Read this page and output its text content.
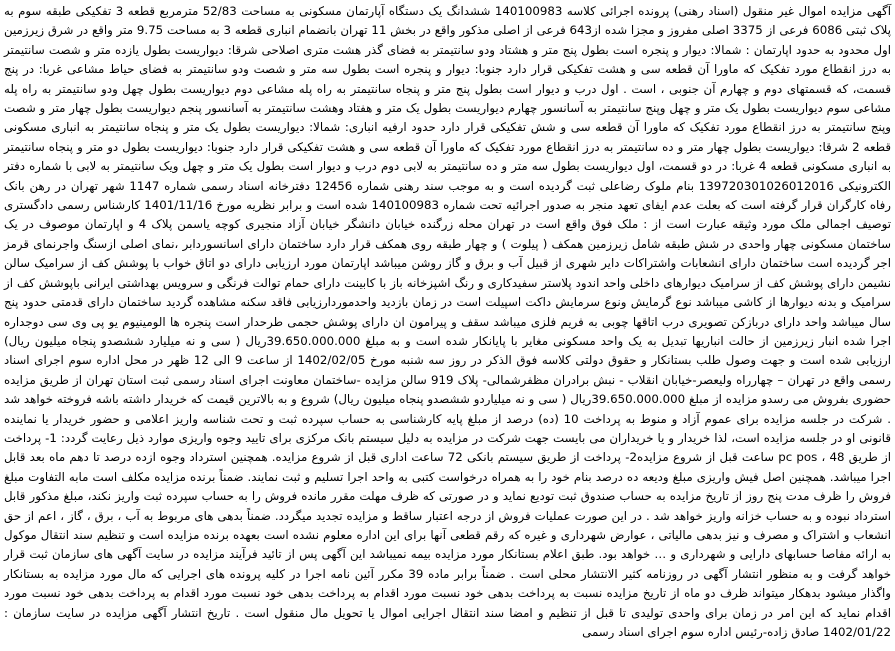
آگهی مزایده اموال غیر منقول (اسناد رهنی) پرونده اجرائی کلاسه 140100983 ششدانگ یک دستگاه آپارتمان مسکونی به مساحت 52/83 مترمربع قطعه 3 تفکیکی طبقه سوم به پلاک ثبتی 6086 فرعی از 3375 اصلی مفروز و مجزا شده از643 فرعی از اصلی مذکور واقع در بخش 11 تهران بانضمام انباری قطعه 3 به مساحت 9.75 متر واقع در شرق زیرزمین اول محدود به حدود اپارتمان : شمالا: دیوار و پنجره است بطول پنج متر و هشتاد ودو سانتیمتر به فضای گذر هشت متری اصلاحی شرقا: دیواریست بطول یازده متر و شصت سانتیمتر به درز انقطاع مورد تفکیک که ماورا آن قطعه سی و هشت تفکیکی قرار دارد جنوبا: دیوار و پنجره است بطول سه متر و شصت ودو سانتیمتر به فضای حیاط مشاعی غربا: در پنج قسمت، که قسمتهای دوم و چهارم آن جنوبی ، است . اول درب و دیوار است بطول پنج متر و پنجاه سانتیمتر به راه پله مشاعی دوم دیواریست بطول چهل ودو سانتیمتر به راه پله مشاعی سوم دیواریست بطول یک متر و چهل وپنج سانتیمتر به آسانسور چهارم دیواریست بطول یک متر و هفتاد وهشت سانتیمتر به آسانسور پنجم دیواریست بطول چهار متر و شصت وپنج سانتیمتر به درز انقطاع مورد تفکیک که ماورا آن قطعه سی و شش تفکیکی قرار دارد حدود ارفیه انباری: شمالا: دیواریست بطول یک متر و پنجاه سانتیمتر به انباری مسکونی قطعه 2 شرقا: دیواریست بطول چهار متر و ده سانتیمتر به درز انقطاع مورد تفکیک که ماورا آن قطعه سی و هشت تفکیکی قرار دارد جنوبا: دیواریست بطول دو متر و پنجاه سانتیمتر به انباری مسکونی قطعه 4 غربا: در دو قسمت، اول دیواریست بطول سه متر و ده سانتیمتر به لابی دوم درب و دیوار است بطول یک متر و چهل ویک سانتیمتر به لابی با شماره دفتر الکترونیکی 139720301026012016 بنام ملوک رضاعلی ثبت گردیده است و به موجب سند رهنی شماره 12456 دفترخانه اسناد رسمی شماره 1147 شهر تهران در رهن بانک رفاه کارگران قرار گرفته است که بعلت عدم ایفای تعهد منجر به صدور اجرائیه تحت شماره 140100983 شده است و برابر نظریه مورخ 1401/11/16 کارشناس رسمی دادگستری توصیف اجمالی ملک مورد وثیقه عبارت است از : ملک فوق واقع است در تهران محله زرگنده خیابان دانشگر خیابان آزاد منجیری کوچه یاسمن پلاک 4 و اپارتمان موصوف در یک ساختمان مسکونی چهار واحدی در شش طبقه شامل زیرزمین همکف ( پیلوت ) و چهار طبقه روی همکف قرار دارد ساختمان دارای اسانسوردابر ،نمای اصلی ازسنگ واجرنمای قرمز اجر گردیده است ساختمان دارای انشعابات واشتراکات دایر شهری از قبیل آب و برق و گاز روشن میباشد اپارتمان مورد ارزیابی دارای دو اتاق خواب با پوشش کف از سرامیک سالن نشیمن دارای پوشش کف از سرامیک دیوارهای داخلی واحد اندود پلاستر سفیدکاری و رنگ اشپزخانه باز با کابینت دارای حمام توالت فرنگی و سرویس بهداشتی ایرانی باپوشش کف از سرامیک و بدنه دیوارها از کاشی میباشد نوع گرمایش ونوع سرمایش داکت اسپیلت است در زمان بازدید واحدموردارزیابی فاقد سکنه مشاهده گردید ساختمان دارای قدمتی حدود پنج سال میباشد واحد دارای دربازکن تصویری درب اتاقها چوبی به فریم فلزی میباشد سقف و پیرامون ان دارای پوشش حجمی طرحدار است پنجره ها الومینیوم یو پی وی سی دوجداره اجرا شده انبار زیرزمین از حالت انباریها تبدیل به یک واحد مسکونی مغایر با پایانکار شده است و به مبلغ 39.650.000.000ریال ( سی و نه میلیارد ششصدو پنجاه میلیون ریال) ارزیابی شده است و جهت وصول طلب بستانکار و حقوق دولتی کلاسه فوق الذکر در روز سه شنبه مورخ 1402/02/05 از ساعت 9 الی 12 ظهر در محل اداره سوم اجرای اسناد رسمی واقع در تهران – چهارراه ولیعصر-خیابان انقلاب - نبش برادران مظفرشمالی- پلاک 919 سالن مزایده -ساختمان معاونت اجرای اسناد رسمی ثبت استان تهران از طریق مزایده حضوری بفروش می رسدو مزایده از مبلغ 39.650.000.000ریال ( سی و نه میلیاردو ششصدو پنجاه میلیون ریال) شروع و به بالاترین قیمت که خریدار داشته باشه فروخته خواهد شد . شرکت در جلسه مزایده برای عموم آزاد و منوط به پرداخت 10 (ده) درصد از مبلغ پایه کارشناسی به حساب سپرده ثبت و تحت شناسه واریز اعلامی و حضور خریدار یا نماینده قانونی او در جلسه مزایده است، لذا خریدار و یا خریداران می بایست جهت شرکت در مزایده به دلیل سیستم بانک مرکزی برای تایید وجوه واریزی موارد ذیل رعایت گردد: 1- پرداخت از طریق pc pos ، 48 ساعت قبل از شروع مزایده2- پرداخت از طریق سیستم بانکی 72 ساعت اداری قبل از شروع مزایده. همچنین استرداد وجوه ازده درصد تا دهم ماه بعد قابل اجرا میباشد. همچنین اصل فیش واریزی مبلغ ودیعه ده درصد بنام خود را به همراه درخواست کتبی به واحد اجرا تسلیم و ثبت نمایند. ضمناً برنده مزایده مکلف است مابه التفاوت مبلغ فروش را ظرف مدت پنج روز از تاریخ مزایده به حساب صندوق ثبت تودیع نماید و در صورتی که ظرف مهلت مقرر مانده فروش را به حساب سپرده ثبت واریز نکند، مبلغ مذکور قابل استرداد نبوده و به حساب خزانه واریز خواهد شد . در این صورت عملیات فروش از درجه اعتبار ساقط و مزایده تجدید میگردد. ضمناً بدهی های مربوط به آب ، برق ، گاز ، اعم از حق انشعاب و اشتراک و مصرف و نیز بدهی مالیاتی ، عوارض شهرداری و غیره که رقم قطعی آنها برای این اداره معلوم نشده است بعهده برنده مزایده است و تنظیم سند انتقال موکول به ارائه مفاصا حسابهای دارایی و شهرداری و … خواهد بود. طبق اعلام بستانکار مورد مزایده بیمه نمیباشد این آگهی پس از تائید فرآیند مزایده در سایت آگهی های سازمان ثبت قرار خواهد گرفت و به منظور انتشار آگهی در روزنامه کثیر الانتشار محلی است . ضمناً برابر ماده 39 مکرر آئین نامه اجرا در کلیه پرونده های اجرایی که مال مورد مزایده به بستانکار واگذار میشود بدهکار میتواند ظرف دو ماه از تاریخ مزایده نسبت به پرداخت بدهی خود نسبت مورد اقدام به پرداخت بدهی خود نسبت مورد اقدام به پرداخت بدهی خود نسبت مورد اقدام نماید که این امر در زمان برای واحدی تولیدی تا قبل از تنظیم و امضا سند انتقال اجرایی اموال یا تحویل مال منقول است . تاریخ انتشار آگهی مزایده در سایت سازمان : 1402/01/22 صادق زاده-رئیس اداره سوم اجرای اسناد رسمی
